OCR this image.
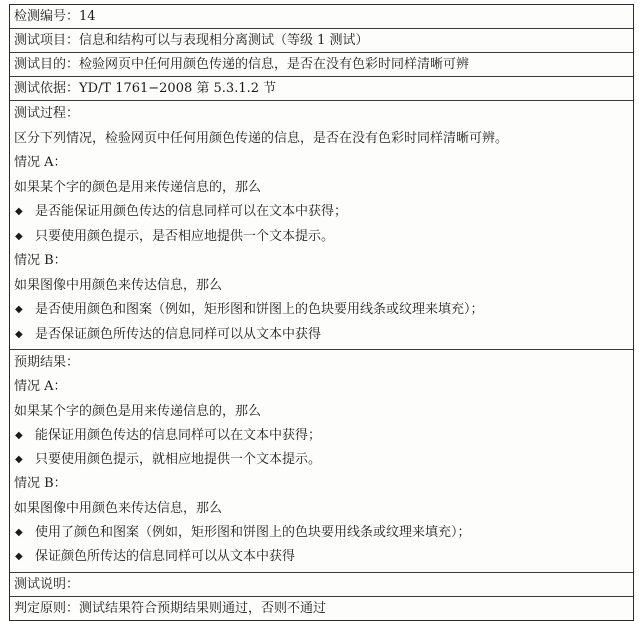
检测编号：14
测试项目：信息和结构可以与表现相分离测试（等级 1 测试）
测试目的：检验网页中任何用颜色传递的信息，是否在没有色彩时同样清晰可辨
测试依据：YD/T 1761−2008 第 5.3.1.2 节
测试过程：
区分下列情况，检验网页中任何用颜色传递的信息，是否在没有色彩时同样清晰可辨。
情况 A：
如果某个字的颜色是用来传递信息的，那么
◆ 是否能保证用颜色传达的信息同样可以在文本中获得；
◆ 只要使用颜色提示，是否相应地提供一个文本提示。
情况 B：
如果图像中用颜色来传达信息，那么
◆ 是否使用颜色和图案（例如，矩形图和饼图上的色块要用线条或纹理来填充）；
◆ 是否保证颜色所传达的信息同样可以从文本中获得
预期结果：
情况 A：
如果某个字的颜色是用来传递信息的，那么
◆ 能保证用颜色传达的信息同样可以在文本中获得；
◆ 只要使用颜色提示，就相应地提供一个文本提示。
情况 B：
如果图像中用颜色来传达信息，那么
◆ 使用了颜色和图案（例如，矩形图和饼图上的色块要用线条或纹理来填充）；
◆ 保证颜色所传达的信息同样可以从文本中获得
测试说明：
判定原则：测试结果符合预期结果则通过，否则不通过
